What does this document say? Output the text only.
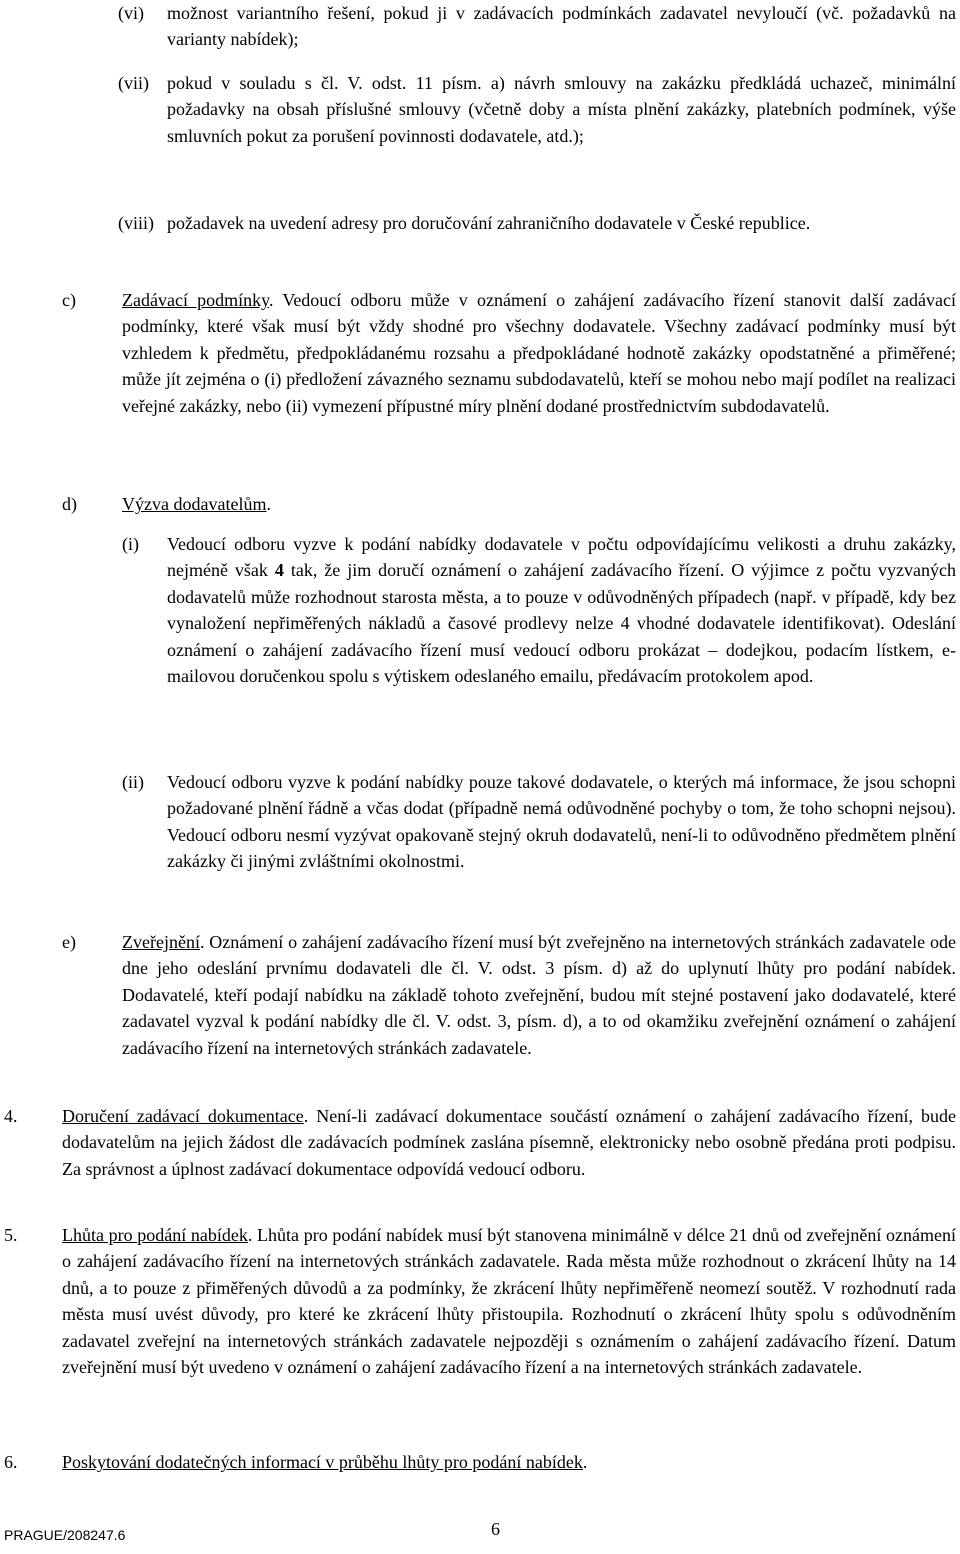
(vi) možnost variantního řešení, pokud ji v zadávacích podmínkách zadavatel nevyloučí (vč. požadavků na varianty nabídek);

(vii) pokud v souladu s čl. V. odst. 11 písm. a) návrh smlouvy na zakázku předkládá uchazeč, minimální požadavky na obsah příslušné smlouvy (včetně doby a místa plnění zakázky, platebních podmínek, výše smluvních pokut za porušení povinnosti dodavatele, atd.);

(viii) požadavek na uvedení adresy pro doručování zahraničního dodavatele v České republice.

c)	Zadávací podmínky. Vedoucí odboru může v oznámení o zahájení zadávacího řízení stanovit další zadávací podmínky, které však musí být vždy shodné pro všechny dodavatele. Všechny zadávací podmínky musí být vzhledem k předmětu, předpokládanému rozsahu a předpokládané hodnotě zakázky opodstatněné a přiměřené; může jít zejména o (i) předložení závazného seznamu subdodavatelů, kteří se mohou nebo mají podílet na realizaci veřejné zakázky, nebo (ii) vymezení přípustné míry plnění dodané prostřednictvím subdodavatelů.

d)	Výzva dodavatelům.

(i) Vedoucí odboru vyzve k podání nabídky dodavatele v počtu odpovídajícímu velikosti a druhu zakázky, nejméně však 4 tak, že jim doručí oznámení o zahájení zadávacího řízení. O výjimce z počtu vyzvaných dodavatelů může rozhodnout starosta města, a to pouze v odůvodněných případech (např. v případě, kdy bez vynaložení nepřiměřených nákladů a časové prodlevy nelze 4 vhodné dodavatele identifikovat). Odeslání oznámení o zahájení zadávacího řízení musí vedoucí odboru prokázat – dodejkou, podacím lístkem, e-mailovou doručenkou spolu s výtiskem odeslaného emailu, předávacím protokolem apod.

(ii) Vedoucí odboru vyzve k podání nabídky pouze takové dodavatele, o kterých má informace, že jsou schopni požadované plnění řádně a včas dodat (případně nemá odůvodněné pochyby o tom, že toho schopni nejsou). Vedoucí odboru nesmí vyzývat opakovaně stejný okruh dodavatelů, není-li to odůvodněno předmětem plnění zakázky či jinými zvláštními okolnostmi.

e)	Zveřejnění. Oznámení o zahájení zadávacího řízení musí být zveřejněno na internetových stránkách zadavatele ode dne jeho odeslání prvnímu dodavateli dle čl. V. odst. 3 písm. d) až do uplynutí lhůty pro podání nabídek. Dodavatelé, kteří podají nabídku na základě tohoto zveřejnění, budou mít stejné postavení jako dodavatelé, které zadavatel vyzval k podání nabídky dle čl. V. odst. 3, písm. d), a to od okamžiku zveřejnění oznámení o zahájení zadávacího řízení na internetových stránkách zadavatele.

4. Doručení zadávací dokumentace. Není-li zadávací dokumentace součástí oznámení o zahájení zadávacího řízení, bude dodavatelům na jejich žádost dle zadávacích podmínek zaslána písemně, elektronicky nebo osobně předána proti podpisu. Za správnost a úplnost zadávací dokumentace odpovídá vedoucí odboru.

5. Lhůta pro podání nabídek. Lhůta pro podání nabídek musí být stanovena minimálně v délce 21 dnů od zveřejnění oznámení o zahájení zadávacího řízení na internetových stránkách zadavatele. Rada města může rozhodnout o zkrácení lhůty na 14 dnů, a to pouze z přiměřených důvodů a za podmínky, že zkrácení lhůty nepřiměřeně neomezí soutěž. V rozhodnutí rada města musí uvést důvody, pro které ke zkrácení lhůty přistoupila. Rozhodnutí o zkrácení lhůty spolu s odůvodněním zadavatel zveřejní na internetových stránkách zadavatele nejpozději s oznámením o zahájení zadávacího řízení. Datum zveřejnění musí být uvedeno v oznámení o zahájení zadávacího řízení a na internetových stránkách zadavatele.

6. Poskytování dodatečných informací v průběhu lhůty pro podání nabídek.

PRAGUE/208247.6	6
